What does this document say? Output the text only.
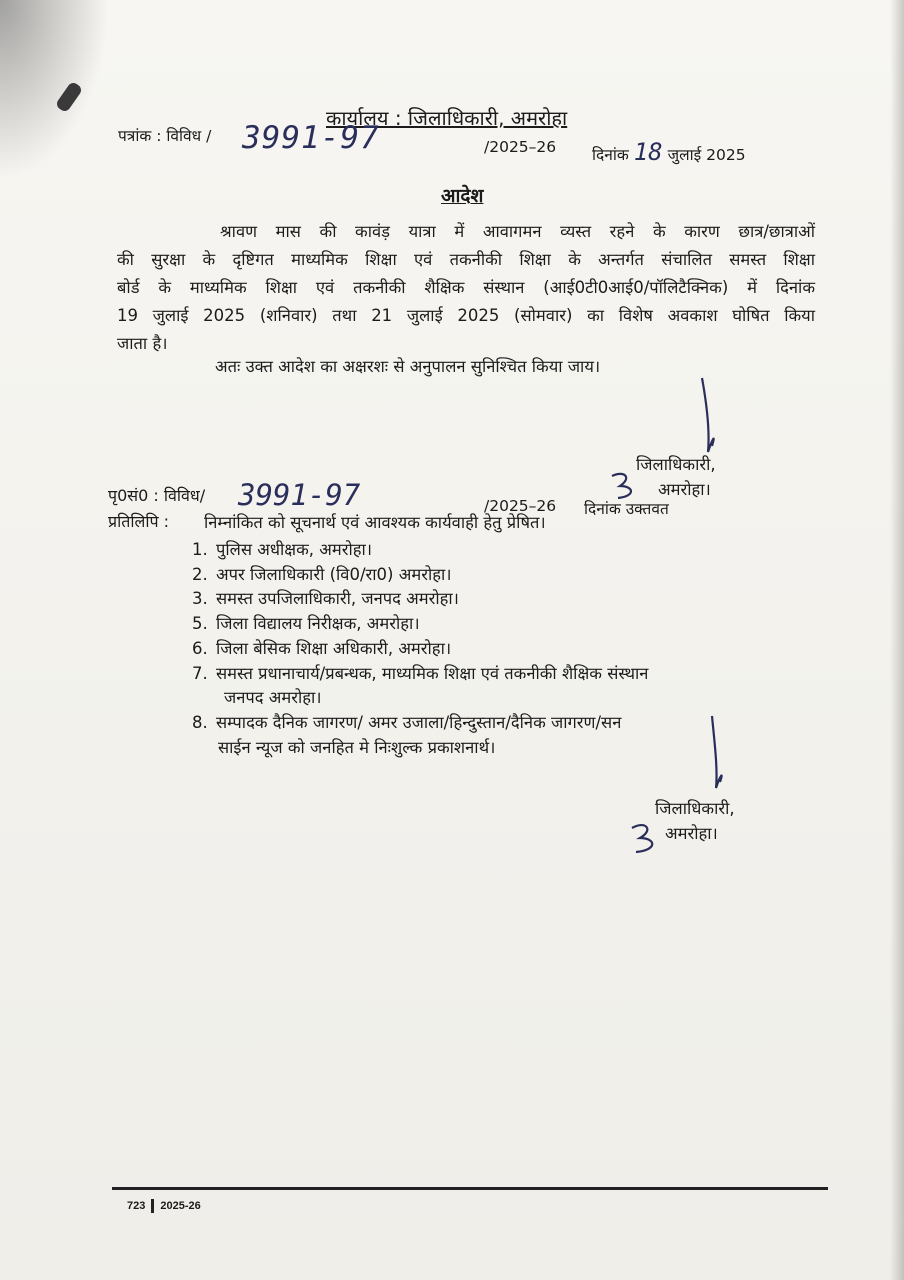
कार्यालय : जिलाधिकारी, अमरोहा
पत्रांक : विविध / 3991-97	/2025–26 दिनांक 18 जुलाई 2025
आदेश
श्रावण मास की कावंड़ यात्रा में आवागमन व्यस्त रहने के कारण छात्र/छात्राओं
की सुरक्षा के दृष्टिगत माध्यमिक शिक्षा एवं तकनीकी शिक्षा के अन्तर्गत संचालित समस्त शिक्षा
बोर्ड के माध्यमिक शिक्षा एवं तकनीकी शैक्षिक संस्थान (आई0टी0आई0/पॉलिटैक्निक) में दिनांक
19 जुलाई 2025 (शनिवार) तथा 21 जुलाई 2025 (सोमवार) का विशेष अवकाश घोषित किया
जाता है।
अतः उक्त आदेश का अक्षरशः से अनुपालन सुनिश्चित किया जाय।
जिलाधिकारी,
अमरोहा।
पृ0सं0 : विविध/ 3991-97	/2025–26 दिनांक उक्तवत
प्रतिलिपि : निम्नांकित को सूचनार्थ एवं आवश्यक कार्यवाही हेतु प्रेषित।
1. पुलिस अधीक्षक, अमरोहा।
2. अपर जिलाधिकारी (वि0/रा0) अमरोहा।
3. समस्त उपजिलाधिकारी, जनपद अमरोहा।
5. जिला विद्यालय निरीक्षक, अमरोहा।
6. जिला बेसिक शिक्षा अधिकारी, अमरोहा।
7. समस्त प्रधानाचार्य/प्रबन्धक, माध्यमिक शिक्षा एवं तकनीकी शैक्षिक संस्थान
जनपद अमरोहा।
8. सम्पादक दैनिक जागरण/ अमर उजाला/हिन्दुस्तान/दैनिक जागरण/सन
साईन न्यूज को जनहित मे निःशुल्क प्रकाशनार्थ।
जिलाधिकारी,
अमरोहा।
723 2025-26
